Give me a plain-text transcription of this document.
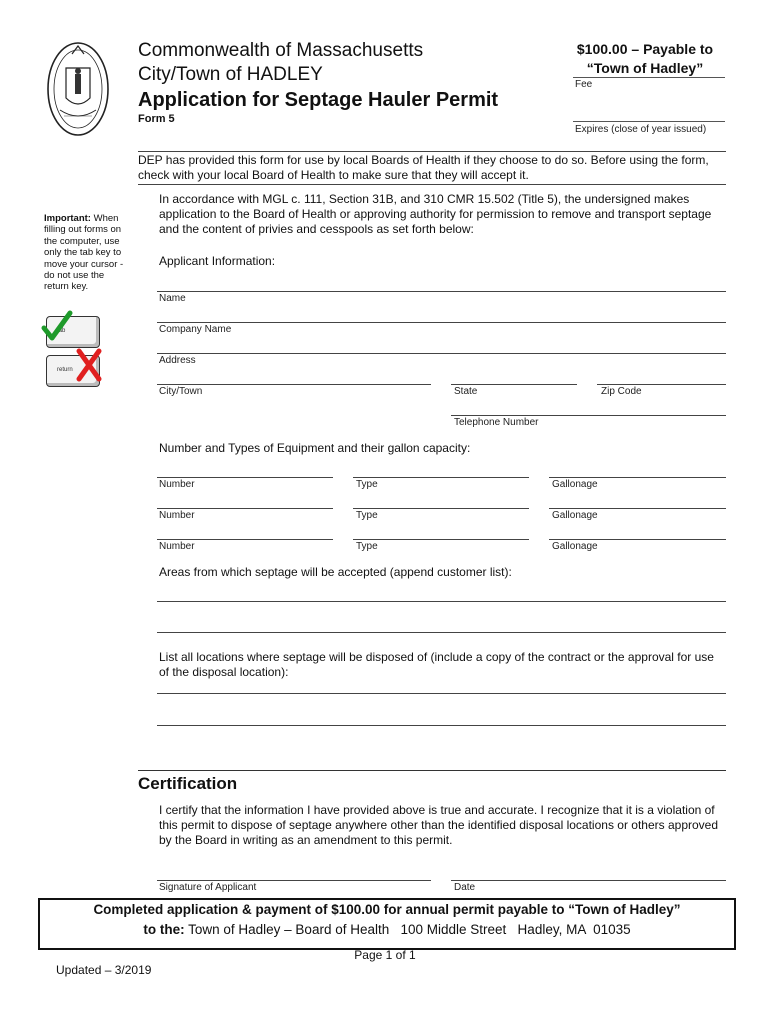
Commonwealth of Massachusetts
City/Town of HADLEY
Application for Septage Hauler Permit
Form 5
$100.00 – Payable to
“Town of Hadley”
Fee
Expires (close of year issued)
DEP has provided this form for use by local Boards of Health if they choose to do so. Before using the form, check with your local Board of Health to make sure that they will accept it.
In accordance with MGL c. 111, Section 31B, and 310 CMR 15.502 (Title 5), the undersigned makes application to the Board of Health or approving authority for permission to remove and transport septage and the content of privies and cesspools as set forth below:
Important: When filling out forms on the computer, use only the tab key to move your cursor - do not use the return key.
tab
return
Applicant Information:
Name
Company Name
Address
City/Town	State	Zip Code
Telephone Number
Number and Types of Equipment and their gallon capacity:
Number	Type	Gallonage
Number	Type	Gallonage
Number	Type	Gallonage
Areas from which septage will be accepted (append customer list):
List all locations where septage will be disposed of (include a copy of the contract or the approval for use of the disposal location):
Certification
I certify that the information I have provided above is true and accurate. I recognize that it is a violation of this permit to dispose of septage anywhere other than the identified disposal locations or others approved by the Board in writing as an amendment to this permit.
Signature of Applicant	Date
Completed application & payment of $100.00 for annual permit payable to “Town of Hadley”
to the: Town of Hadley – Board of Health   100 Middle Street   Hadley, MA  01035
Page 1 of 1
Updated – 3/2019
